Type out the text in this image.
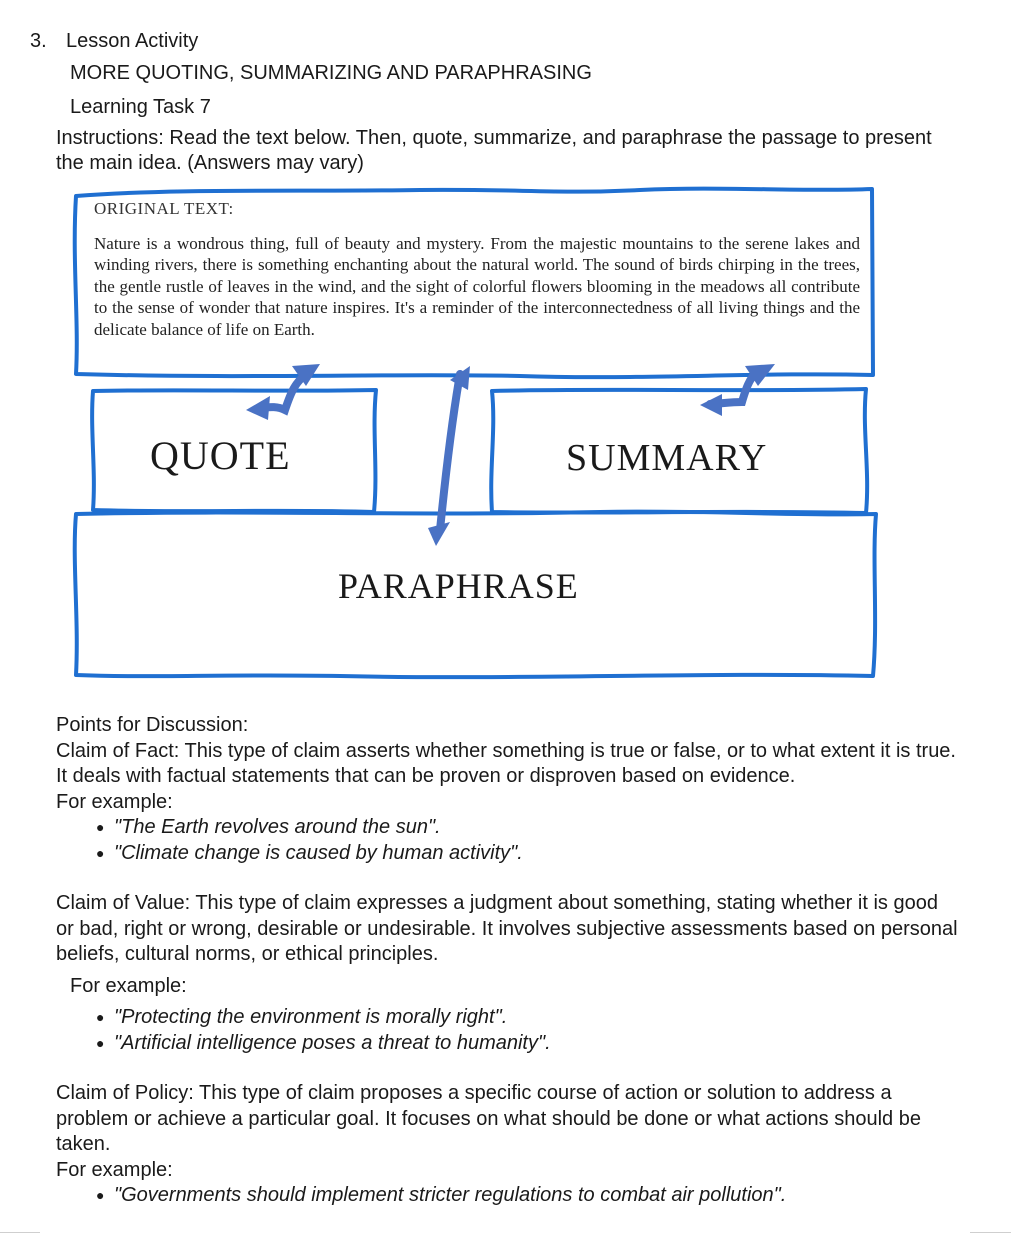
3. Lesson Activity
MORE QUOTING, SUMMARIZING AND PARAPHRASING
Learning Task 7
Instructions: Read the text below. Then, quote, summarize, and paraphrase the passage to present the main idea. (Answers may vary)
ORIGINAL TEXT:
Nature is a wondrous thing, full of beauty and mystery. From the majestic mountains to the serene lakes and winding rivers, there is something enchanting about the natural world. The sound of birds chirping in the trees, the gentle rustle of leaves in the wind, and the sight of colorful flowers blooming in the meadows all contribute to the sense of wonder that nature inspires. It's a reminder of the interconnectedness of all living things and the delicate balance of life on Earth.
QUOTE	SUMMARY
PARAPHRASE

Points for Discussion:

Claim of Fact: This type of claim asserts whether something is true or false, or to what extent it is true. It deals with factual statements that can be proven or disproven based on evidence.

For example:

● "The Earth revolves around the sun".
● "Climate change is caused by human activity".

Claim of Value: This type of claim expresses a judgment about something, stating whether it is good or bad, right or wrong, desirable or undesirable. It involves subjective assessments based on personal beliefs, cultural norms, or ethical principles.

For example:

● "Protecting the environment is morally right".
● "Artificial intelligence poses a threat to humanity".

Claim of Policy: This type of claim proposes a specific course of action or solution to address a problem or achieve a particular goal. It focuses on what should be done or what actions should be taken.

For example:

● "Governments should implement stricter regulations to combat air pollution".
